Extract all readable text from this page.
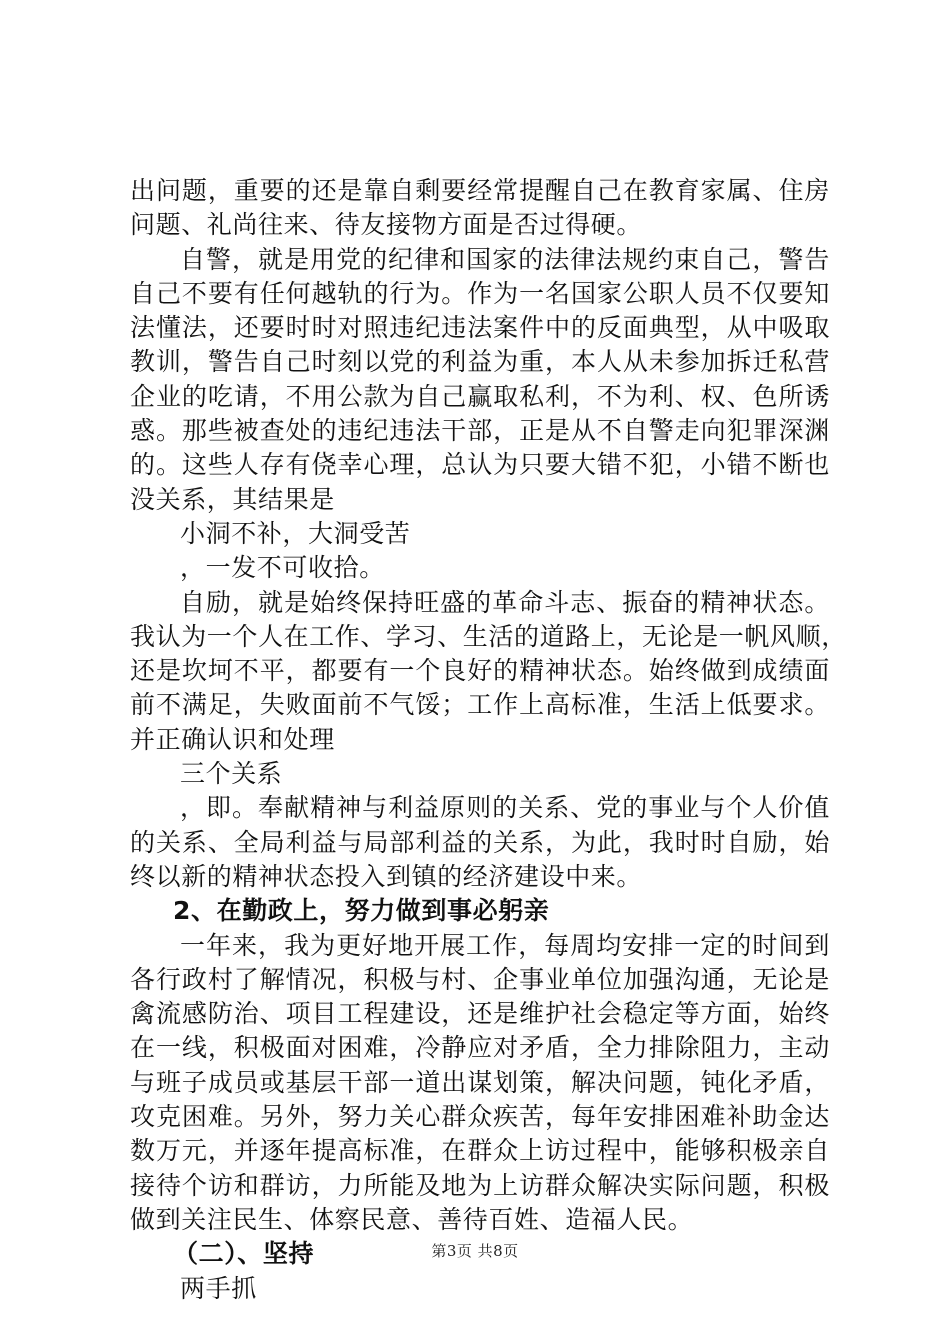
出问题，重要的还是靠自剩要经常提醒自己在教育家属、住房
问题、礼尚往来、待友接物方面是否过得硬。
自警，就是用党的纪律和国家的法律法规约束自己，警告
自己不要有任何越轨的行为。作为一名国家公职人员不仅要知
法懂法，还要时时对照违纪违法案件中的反面典型，从中吸取
教训，警告自己时刻以党的利益为重，本人从未参加拆迁私营
企业的吃请，不用公款为自己赢取私利，不为利、权、色所诱
惑。那些被查处的违纪违法干部，正是从不自警走向犯罪深渊
的。这些人存有侥幸心理，总认为只要大错不犯，小错不断也
没关系，其结果是
小洞不补，大洞受苦
，一发不可收拾。
自励，就是始终保持旺盛的革命斗志、振奋的精神状态。
我认为一个人在工作、学习、生活的道路上，无论是一帆风顺，
还是坎坷不平，都要有一个良好的精神状态。始终做到成绩面
前不满足，失败面前不气馁；工作上高标准，生活上低要求。
并正确认识和处理
三个关系
，即。奉献精神与利益原则的关系、党的事业与个人价值
的关系、全局利益与局部利益的关系，为此，我时时自励，始
终以新的精神状态投入到镇的经济建设中来。
2、在勤政上，努力做到事必躬亲
一年来，我为更好地开展工作，每周均安排一定的时间到
各行政村了解情况，积极与村、企事业单位加强沟通，无论是
禽流感防治、项目工程建设，还是维护社会稳定等方面，始终
在一线，积极面对困难，冷静应对矛盾，全力排除阻力，主动
与班子成员或基层干部一道出谋划策，解决问题，钝化矛盾，
攻克困难。另外，努力关心群众疾苦，每年安排困难补助金达
数万元，并逐年提高标准，在群众上访过程中，能够积极亲自
接待个访和群访，力所能及地为上访群众解决实际问题，积极
做到关注民生、体察民意、善待百姓、造福人民。
（二）、坚持
两手抓
第3页 共8页
